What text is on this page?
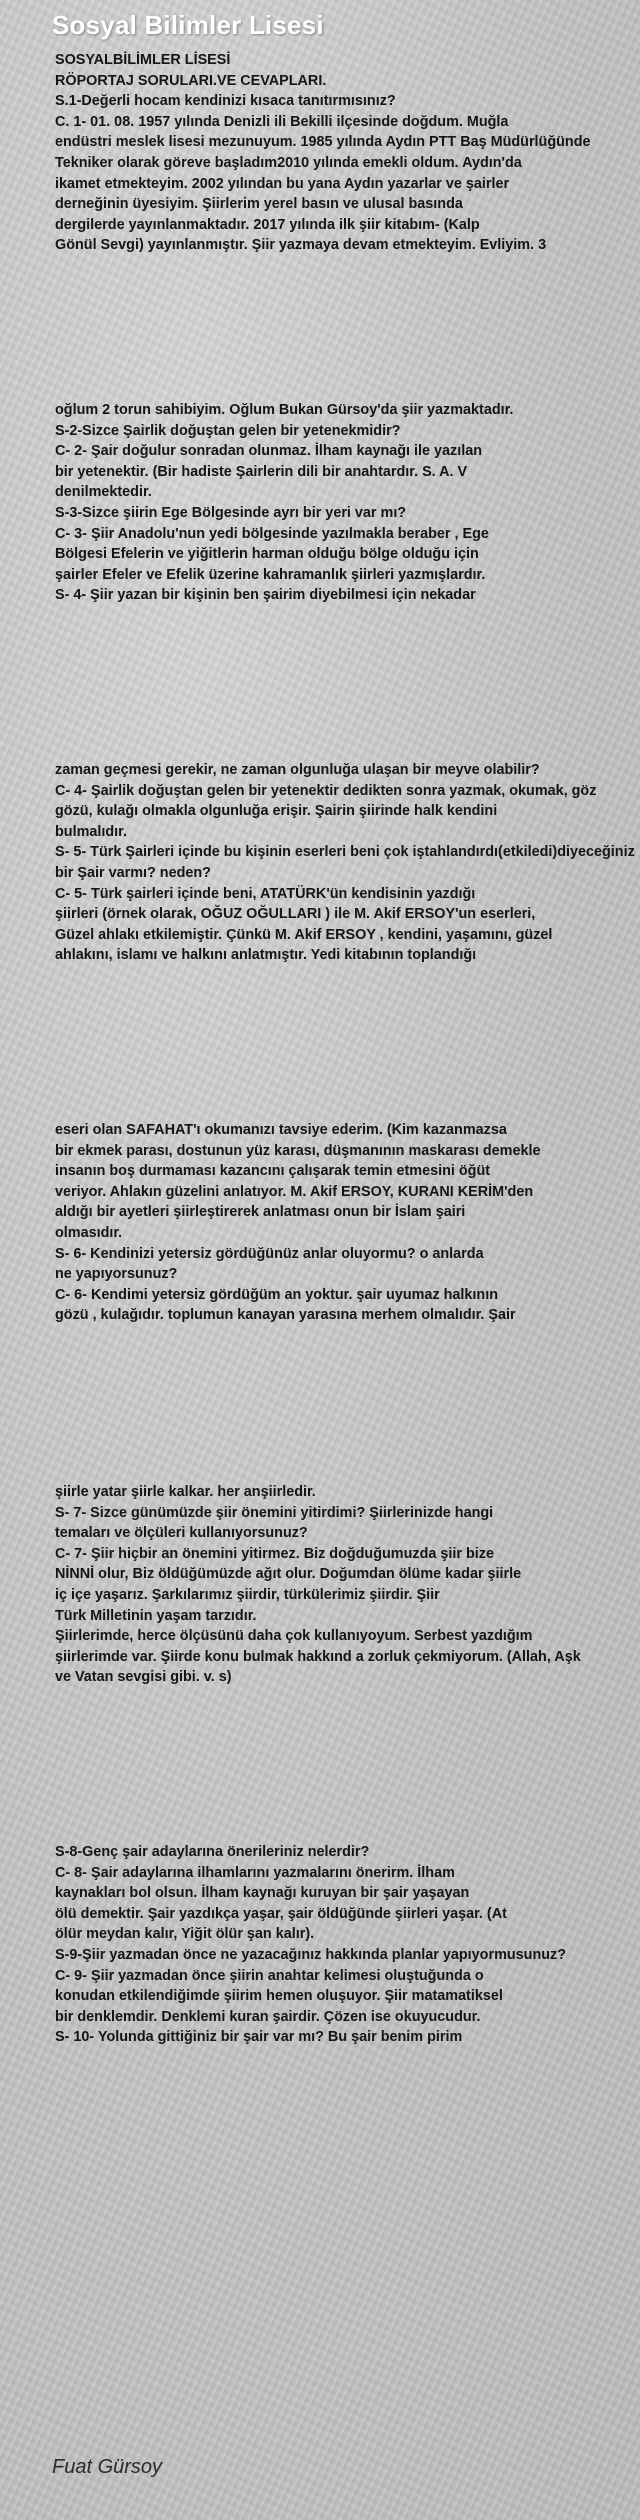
Sosyal Bilimler Lisesi
SOSYALBİLİMLER LİSESİ
RÖPORTAJ SORULARI.VE CEVAPLARI.
S.1-Değerli hocam kendinizi kısaca tanıtırmısınız?
C. 1- 01. 08. 1957 yılında Denizli ili Bekilli ilçesinde doğdum. Muğla
endüstri meslek lisesi mezunuyum. 1985 yılında Aydın PTT Baş Müdürlüğünde
Tekniker olarak göreve başladım2010 yılında emekli oldum. Aydın'da
ikamet etmekteyim. 2002 yılından bu yana Aydın yazarlar ve şairler
derneğinin üyesiyim. Şiirlerim yerel basın ve ulusal basında
dergilerde yayınlanmaktadır. 2017 yılında ilk şiir kitabım- (Kalp
Gönül Sevgi) yayınlanmıştır. Şiir yazmaya devam etmekteyim. Evliyim. 3
oğlum 2 torun sahibiyim. Oğlum Bukan Gürsoy'da şiir yazmaktadır.
S-2-Sizce Şairlik doğuştan gelen bir yetenekmidir?
C- 2- Şair doğulur sonradan olunmaz. İlham kaynağı ile yazılan
bir yetenektir. (Bir hadiste Şairlerin dili bir anahtardır. S. A. V
denilmektedir.
S-3-Sizce şiirin Ege Bölgesinde ayrı bir yeri var mı?
C- 3- Şiir Anadolu'nun yedi bölgesinde yazılmakla beraber , Ege
Bölgesi Efelerin ve yiğitlerin harman olduğu bölge olduğu için
şairler Efeler ve Efelik üzerine kahramanlık şiirleri yazmışlardır.
S- 4- Şiir yazan bir kişinin ben şairim diyebilmesi için nekadar
zaman geçmesi gerekir, ne zaman olgunluğa ulaşan bir meyve olabilir?
C- 4- Şairlik doğuştan gelen bir yetenektir dedikten sonra yazmak, okumak, göz
gözü, kulağı olmakla olgunluğa erişir. Şairin şiirinde halk kendini
bulmalıdır.
S- 5- Türk Şairleri içinde bu kişinin eserleri beni çok iştahlandırdı(etkiledi)diyeceğiniz
bir Şair varmı? neden?
C- 5- Türk şairleri içinde beni, ATATÜRK'ün kendisinin yazdığı
şiirleri (örnek olarak, OĞUZ OĞULLARI ) ile M. Akif ERSOY'un eserleri,
Güzel ahlakı etkilemiştir. Çünkü M. Akif ERSOY , kendini, yaşamını, güzel
ahlakını, islamı ve halkını anlatmıştır. Yedi kitabının toplandığı
eseri olan SAFAHAT'ı okumanızı tavsiye ederim. (Kim kazanmazsa
bir ekmek parası, dostunun yüz karası, düşmanının maskarası demekle
insanın boş durmaması kazancını çalışarak temin etmesini öğüt
veriyor. Ahlakın güzelini anlatıyor. M. Akif ERSOY, KURANI KERİM'den
aldığı bir ayetleri şiirleştirerek anlatması onun bir İslam şairi
olmasıdır.
S- 6- Kendinizi yetersiz gördüğünüz anlar oluyormu? o anlarda
ne yapıyorsunuz?
C- 6- Kendimi yetersiz gördüğüm an yoktur. şair uyumaz halkının
gözü , kulağıdır. toplumun kanayan yarasına merhem olmalıdır. Şair
şiirle yatar şiirle kalkar. her anşiirledir.
S- 7- Sizce günümüzde şiir önemini yitirdimi? Şiirlerinizde hangi
temaları ve ölçüleri kullanıyorsunuz?
C- 7- Şiir hiçbir an önemini yitirmez. Biz doğduğumuzda şiir bize
NİNNİ olur, Biz öldüğümüzde ağıt olur. Doğumdan ölüme kadar şiirle
iç içe yaşarız. Şarkılarımız şiirdir, türkülerimiz şiirdir. Şiir
Türk Milletinin yaşam tarzıdır.
Şiirlerimde, herce ölçüsünü daha çok kullanıyoyum. Serbest yazdığım
şiirlerimde var. Şiirde konu bulmak hakkınd a zorluk çekmiyorum. (Allah, Aşk
ve Vatan sevgisi gibi. v. s)
S-8-Genç şair adaylarına önerileriniz nelerdir?
C- 8- Şair adaylarına ilhamlarını yazmalarını önerirm. İlham
kaynakları bol olsun. İlham kaynağı kuruyan bir şair yaşayan
ölü demektir. Şair yazdıkça yaşar, şair öldüğünde şiirleri yaşar. (At
ölür meydan kalır, Yiğit ölür şan kalır).
S-9-Şiir yazmadan önce ne yazacağınız hakkında planlar yapıyormusunuz?
C- 9- Şiir yazmadan önce şiirin anahtar kelimesi oluştuğunda o
konudan etkilendiğimde şiirim hemen oluşuyor. Şiir matamatiksel
bir denklemdir. Denklemi kuran şairdir. Çözen ise okuyucudur.
S- 10- Yolunda gittiğiniz bir şair var mı? Bu şair benim pirim
Fuat Gürsoy
